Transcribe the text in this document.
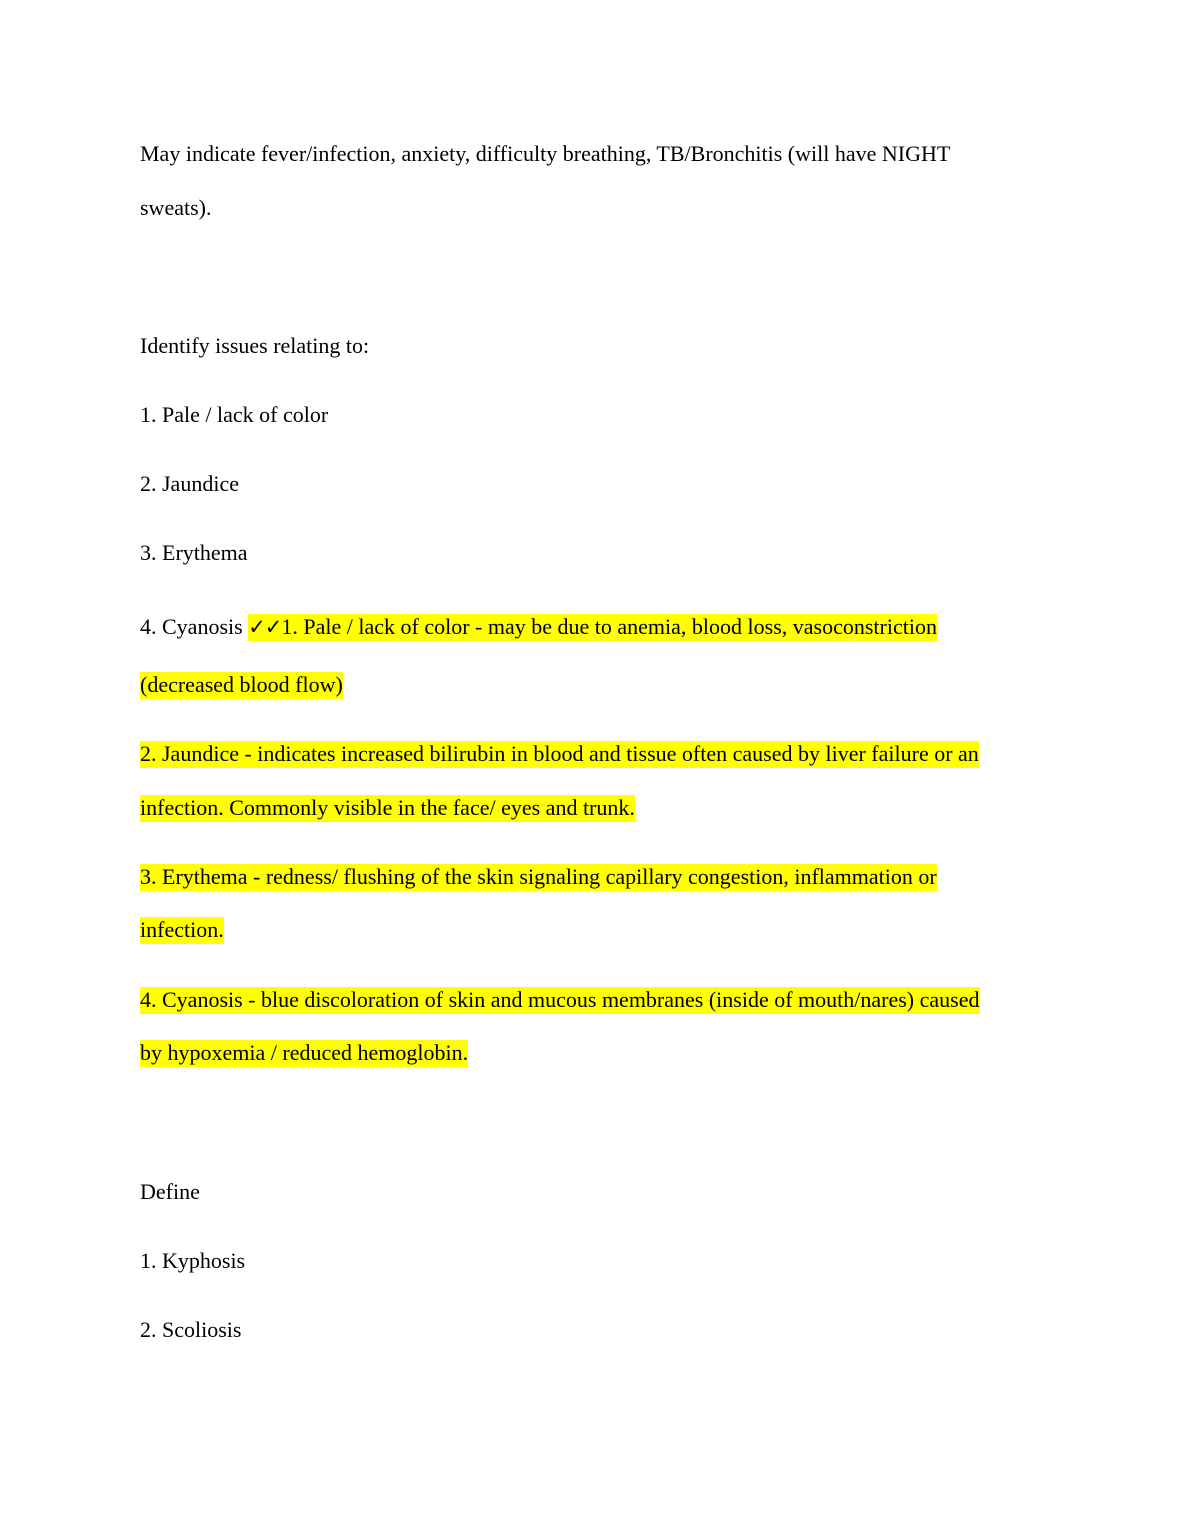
May indicate fever/infection, anxiety, difficulty breathing, TB/Bronchitis (will have NIGHT
sweats).
Identify issues relating to:
1. Pale / lack of color
2. Jaundice
3. Erythema
4. Cyanosis ✓✓1. Pale / lack of color - may be due to anemia, blood loss, vasoconstriction
(decreased blood flow)
2. Jaundice - indicates increased bilirubin in blood and tissue often caused by liver failure or an
infection. Commonly visible in the face/ eyes and trunk.
3. Erythema - redness/ flushing of the skin signaling capillary congestion, inflammation or
infection.
4. Cyanosis - blue discoloration of skin and mucous membranes (inside of mouth/nares) caused
by hypoxemia / reduced hemoglobin.
Define
1. Kyphosis
2. Scoliosis
